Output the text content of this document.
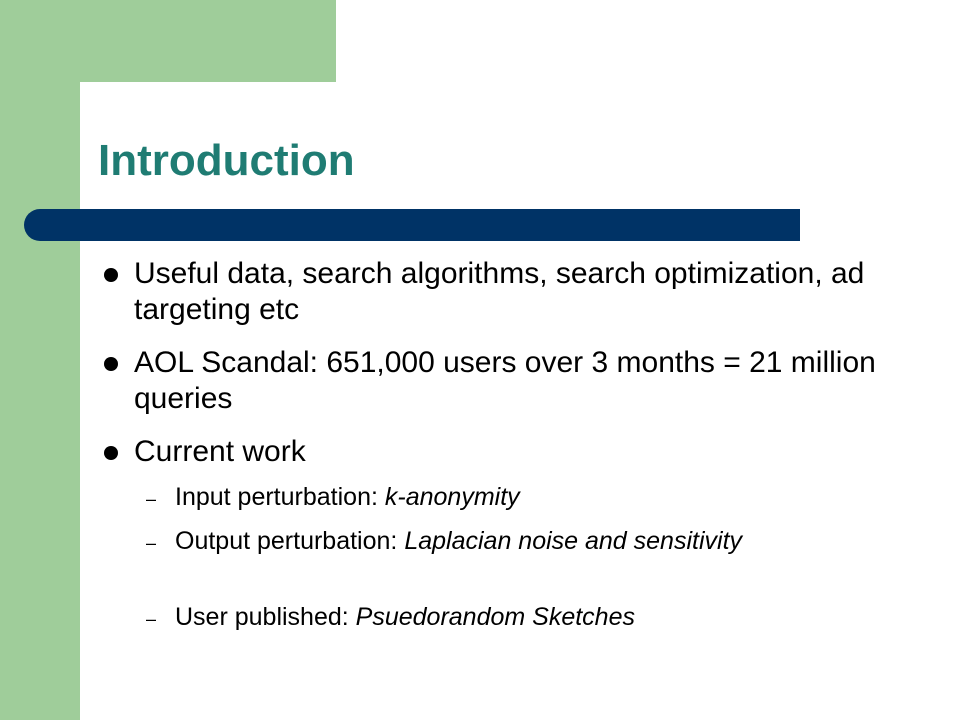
Introduction
Useful data, search algorithms, search optimization, ad targeting etc
AOL Scandal: 651,000 users over 3 months = 21 million queries
Current work
– Input perturbation: k-anonymity
– Output perturbation: Laplacian noise and sensitivity
– User published: Psuedorandom Sketches
